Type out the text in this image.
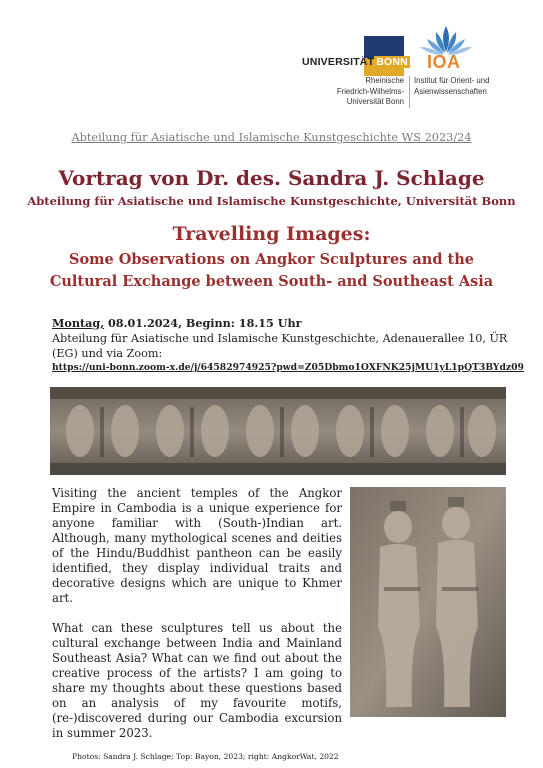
UNIVERSITÄT BONN IOA
Rheinische
Friedrich-Wilhelms-
Universität Bonn
Institut für Orient- und
Asienwissenschaften
Abteilung für Asiatische und Islamische Kunstgeschichte WS 2023/24
Vortrag von Dr. des. Sandra J. Schlage
Abteilung für Asiatische und Islamische Kunstgeschichte, Universität Bonn
Travelling Images:
Some Observations on Angkor Sculptures and the
Cultural Exchange between South- and Southeast Asia
Montag, 08.01.2024, Beginn: 18.15 Uhr
Abteilung für Asiatische und Islamische Kunstgeschichte, Adenauerallee 10, ÜR (EG) und via Zoom:
https://uni-bonn.zoom-x.de/j/64582974925?pwd=Z05Dbmo1OXFNK25jMU1yL1pQT3BYdz09

Visiting the ancient temples of the Angkor Empire in Cambodia is a unique experience for anyone familiar with (South-)Indian art. Although, many mythological scenes and deities of the Hindu/Buddhist pantheon can be easily identified, they display individual traits and decorative designs which are unique to Khmer art.

What can these sculptures tell us about the cultural exchange between India and Mainland Southeast Asia? What can we find out about the creative process of the artists? I am going to share my thoughts about these questions based on an analysis of my favourite motifs, (re-)discovered during our Cambodia excursion in summer 2023.

Photos: Sandra J. Schlage; Top: Bayon, 2023; right: AngkorWat, 2022
